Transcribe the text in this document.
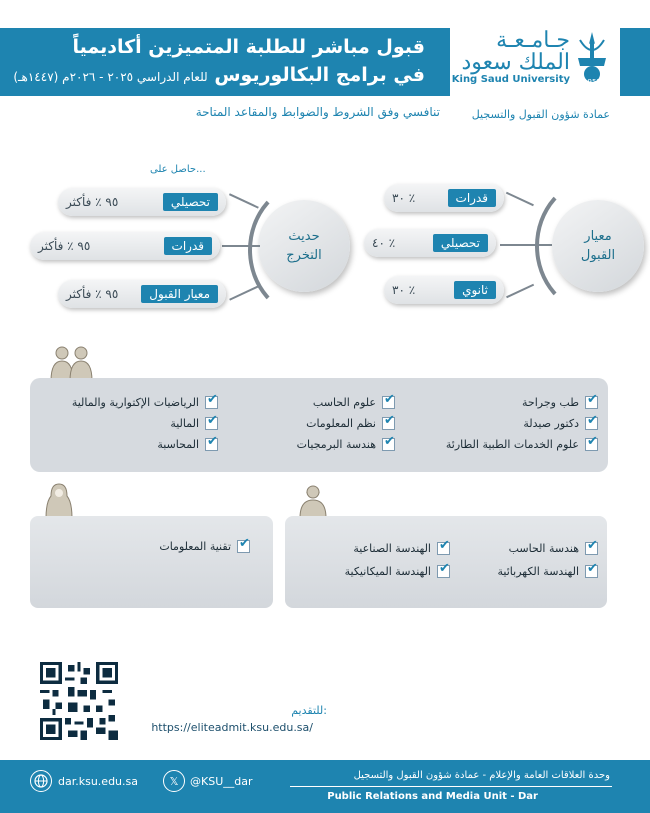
1957
جـامـعـة
الملك سعود
King Saud University
عمادة شؤون القبول والتسجيل
قبول مباشر للطلبة المتميزين أكاديمياً
في برامج البكالوريوس للعام الدراسي ٢٠٢٥ - ٢٠٢٦م (١٤٤٧هـ)
تنافسي وفق الشروط والضوابط والمقاعد المتاحة
حاصل على...
معيار القبول
٣٠ ٪	قدرات
٤٠ ٪	تحصيلي
٣٠ ٪	ثانوي
حديث التخرج
٩٥ ٪ فأكثر	تحصيلي
٩٥ ٪ فأكثر	قدرات
٩٥ ٪ فأكثر	معيار القبول
✔
طب وجراحة
✔
دكتور صيدلة
✔
علوم الخدمات الطبية الطارئة
✔
علوم الحاسب
✔
نظم المعلومات
✔
هندسة البرمجيات
✔
الرياضيات الإكتوارية والمالية
✔
المالية
✔
المحاسبة
✔
هندسة الحاسب
✔
الهندسة الكهربائية
✔
الهندسة الصناعية
✔
الهندسة الميكانيكية
✔
تقنية المعلومات
للتقديم:
https://eliteadmit.ksu.edu.sa/
وحدة العلاقات العامة والإعلام - عمادة شؤون القبول والتسجيل
Public Relations and Media Unit - Dar
𝕏	@KSU__dar
dar.ksu.edu.sa
